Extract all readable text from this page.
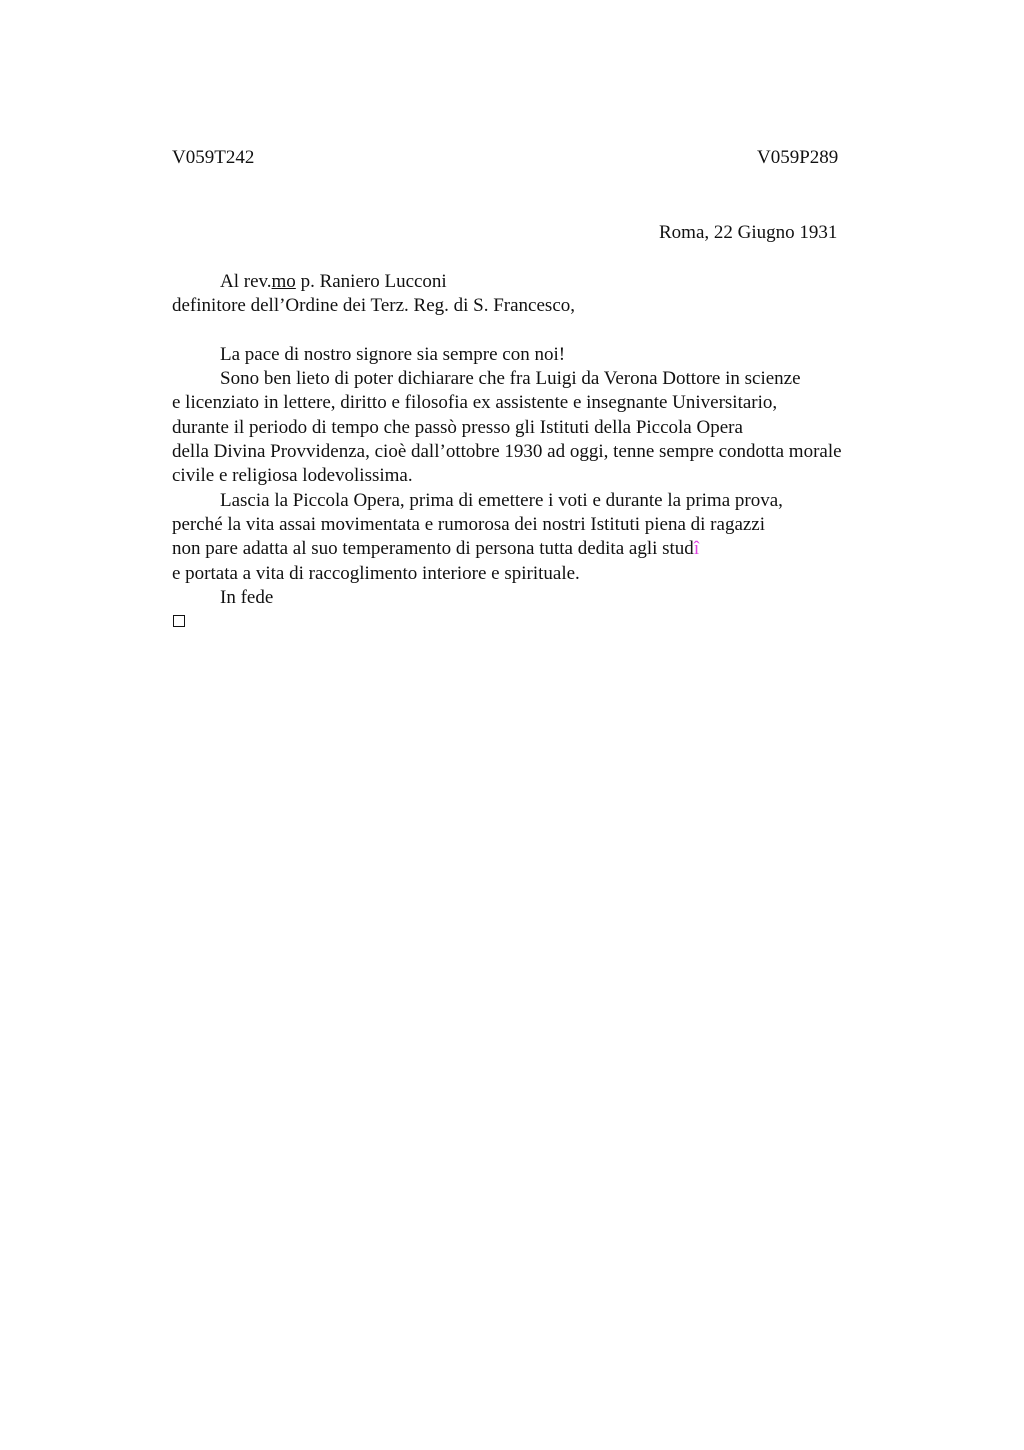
V059T242	V059P289
Roma, 22 Giugno 1931
Al rev.mo p. Raniero Lucconi
definitore dell’Ordine dei Terz. Reg. di S. Francesco,
La pace di nostro signore sia sempre con noi!
Sono ben lieto di poter dichiarare che fra Luigi da Verona Dottore in scienze
e licenziato in lettere, diritto e filosofia ex assistente e insegnante Universitario,
durante il periodo di tempo che passò presso gli Istituti della Piccola Opera
della Divina Provvidenza, cioè dall’ottobre 1930 ad oggi, tenne sempre condotta morale
civile e religiosa lodevolissima.
Lascia la Piccola Opera, prima di emettere i voti e durante la prima prova,
perché la vita assai movimentata e rumorosa dei nostri Istituti piena di ragazzi
non pare adatta al suo temperamento di persona tutta dedita agli studî
e portata a vita di raccoglimento interiore e spirituale.
In fede
